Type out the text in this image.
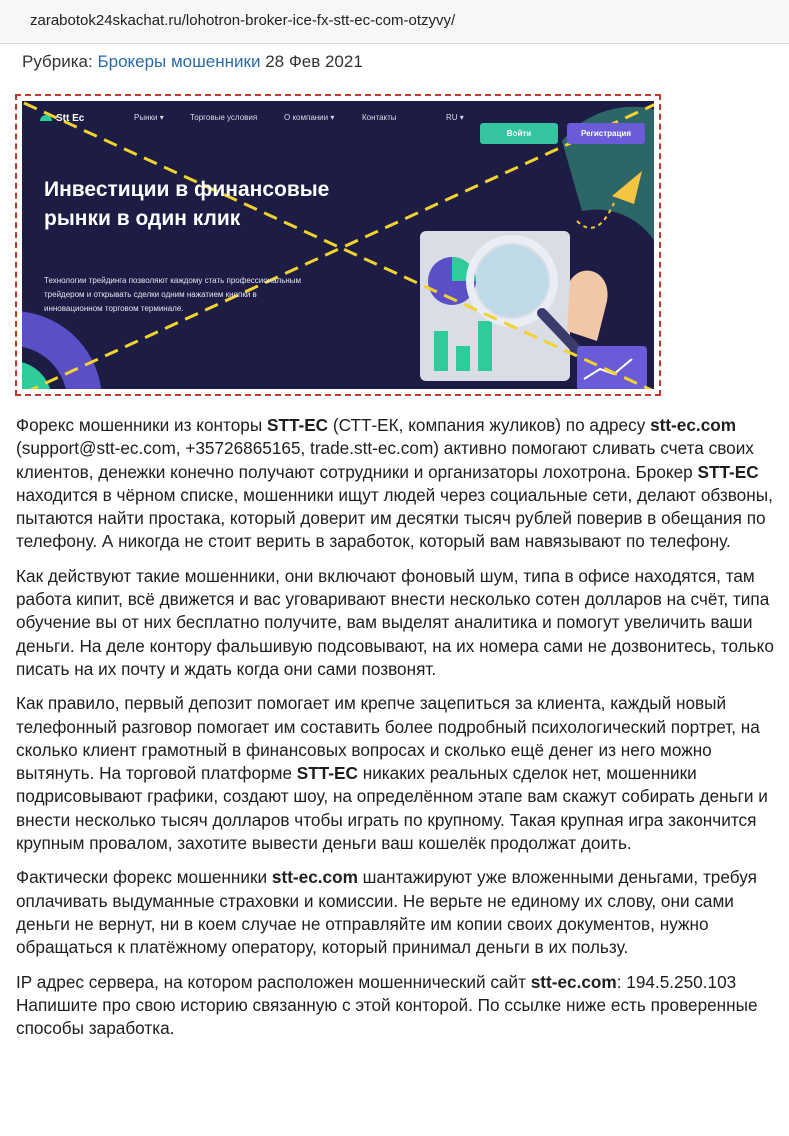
zarabotok24skachat.ru/lohotron-broker-ice-fx-stt-ec-com-otzyvy/
Рубрика: Брокеры мошенники 28 Фев 2021
Stt Ec	Рынки ▾	Торговые условия	О компании ▾	Контакты	RU ▾
Войти	Регистрация
Инвестиции в финансовые рынки в один клик
Технологии трейдинга позволяют каждому стать профессиональным трейдером и открывать сделки одним нажатием кнопки в инновационном торговом терминале.

Форекс мошенники из конторы STT-EC (СТТ-ЕК, компания жуликов) по адресу stt-ec.com (support@stt-ec.com, +35726865165, trade.stt-ec.com) активно помогают сливать счета своих клиентов, денежки конечно получают сотрудники и организаторы лохотрона. Брокер STT-EC находится в чёрном списке, мошенники ищут людей через социальные сети, делают обзвоны, пытаются найти простака, который доверит им десятки тысяч рублей поверив в обещания по телефону. А никогда не стоит верить в заработок, который вам навязывают по телефону.

Как действуют такие мошенники, они включают фоновый шум, типа в офисе находятся, там работа кипит, всё движется и вас уговаривают внести несколько сотен долларов на счёт, типа обучение вы от них бесплатно получите, вам выделят аналитика и помогут увеличить ваши деньги. На деле контору фальшивую подсовывают, на их номера сами не дозвонитесь, только писать на их почту и ждать когда они сами позвонят.

Как правило, первый депозит помогает им крепче зацепиться за клиента, каждый новый телефонный разговор помогает им составить более подробный психологический портрет, на сколько клиент грамотный в финансовых вопросах и сколько ещё денег из него можно вытянуть. На торговой платформе STT-EC никаких реальных сделок нет, мошенники подрисовывают графики, создают шоу, на определённом этапе вам скажут собирать деньги и внести несколько тысяч долларов чтобы играть по крупному. Такая крупная игра закончится крупным провалом, захотите вывести деньги ваш кошелёк продолжат доить.

Фактически форекс мошенники stt-ec.com шантажируют уже вложенными деньгами, требуя оплачивать выдуманные страховки и комиссии. Не верьте не единому их слову, они сами деньги не вернут, ни в коем случае не отправляйте им копии своих документов, нужно обращаться к платёжному оператору, который принимал деньги в их пользу.

IP адрес сервера, на котором расположен мошеннический сайт stt-ec.com: 194.5.250.103 Напишите про свою историю связанную с этой конторой. По ссылке ниже есть проверенные способы заработка.
